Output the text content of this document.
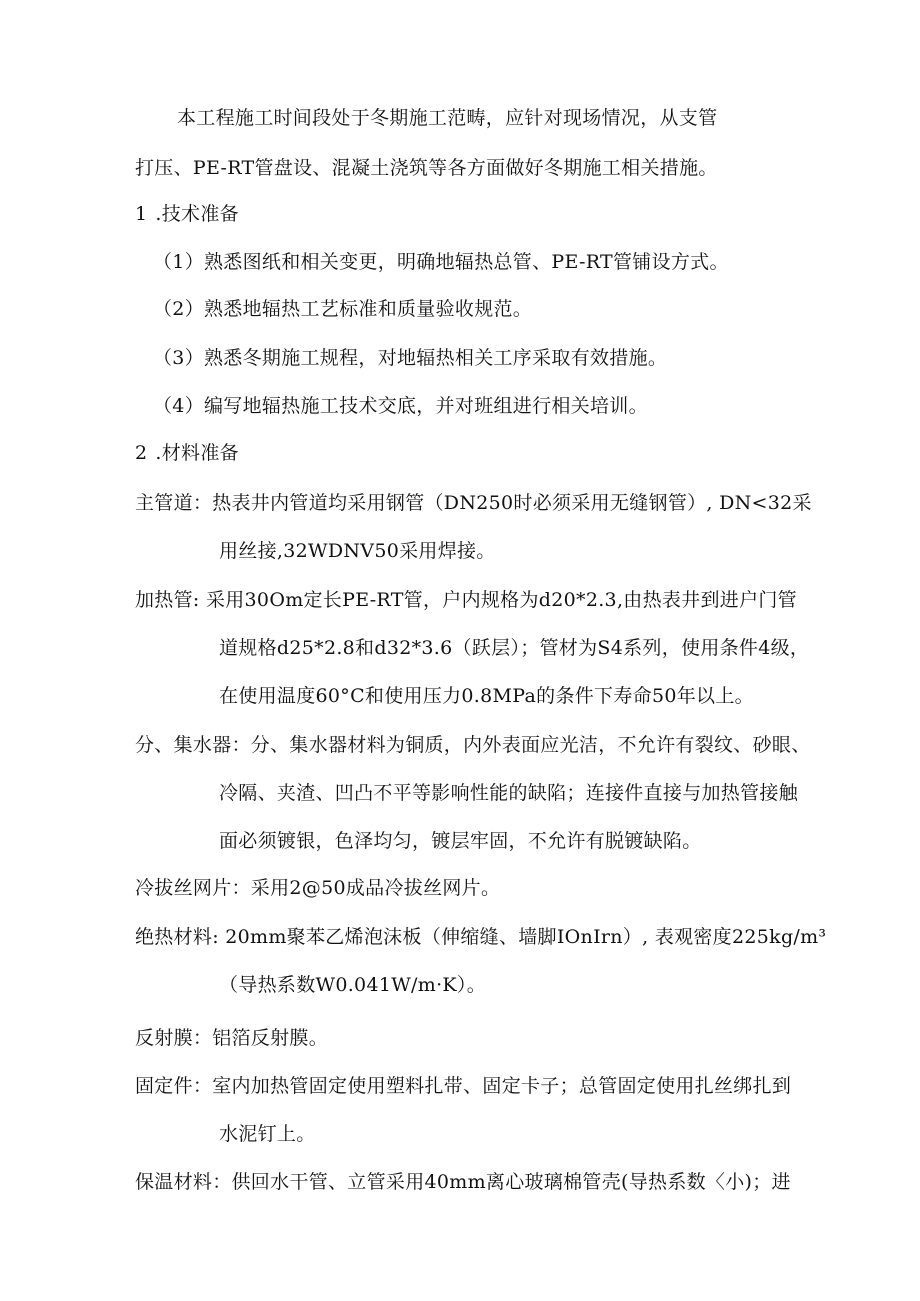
本工程施工时间段处于冬期施工范畴，应针对现场情况，从支管
打压、PE-RT管盘设、混凝土浇筑等各方面做好冬期施工相关措施。
1 .技术准备
（1）熟悉图纸和相关变更，明确地辐热总管、PE-RT管铺设方式。
（2）熟悉地辐热工艺标准和质量验收规范。
（3）熟悉冬期施工规程，对地辐热相关工序采取有效措施。
（4）编写地辐热施工技术交底，并对班组进行相关培训。
2 .材料准备
主管道：热表井内管道均采用钢管（DN250时必须采用无缝钢管）, DN<32采
用丝接,32WDNV50采用焊接。
加热管: 采用30Om定长PE-RT管，户内规格为d20*2.3,由热表井到进户门管
道规格d25*2.8和d32*3.6（跃层）；管材为S4系列，使用条件4级，
在使用温度60°C和使用压力0.8MPa的条件下寿命50年以上。
分、集水器：分、集水器材料为铜质，内外表面应光洁，不允许有裂纹、砂眼、
冷隔、夹渣、凹凸不平等影响性能的缺陷；连接件直接与加热管接触
面必须镀银，色泽均匀，镀层牢固，不允许有脱镀缺陷。
冷拔丝网片：采用2@50成品冷拔丝网片。
绝热材料: 20mm聚苯乙烯泡沫板（伸缩缝、墙脚IOnIrn）, 表观密度225kg∕m³
（导热系数W0.041W/m·K）。
反射膜：铝箔反射膜。
固定件：室内加热管固定使用塑料扎带、固定卡子；总管固定使用扎丝绑扎到
水泥钉上。
保温材料：供回水干管、立管采用40mm离心玻璃棉管壳(导热系数〈小)；进
